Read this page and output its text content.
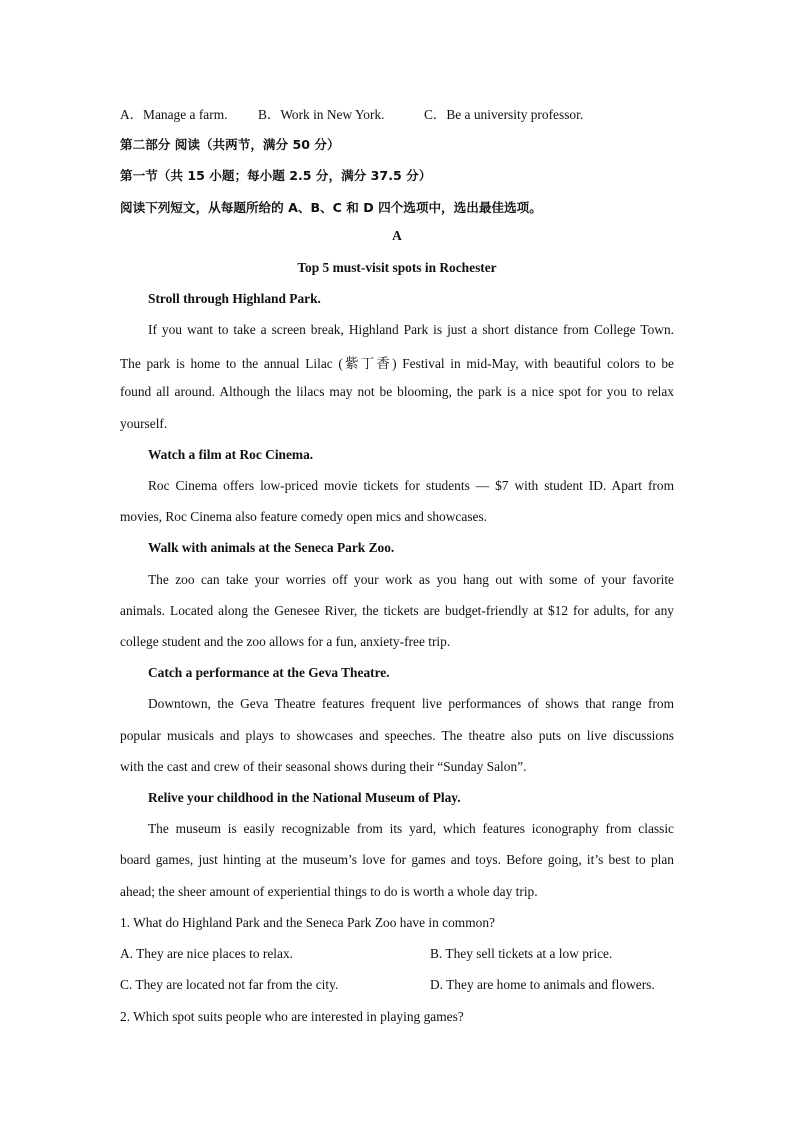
A．Manage a farm. B．Work in New York.	C．Be a university professor.
第二部分 阅读（共两节，满分 50 分）
第一节（共 15 小题；每小题 2.5 分，满分 37.5 分）
阅读下列短文，从每题所给的 A、B、C 和 D 四个选项中，选出最佳选项。
A
Top 5 must-visit spots in Rochester
Stroll through Highland Park.
If you want to take a screen break, Highland Park is just a short distance from College Town.
The park is home to the annual Lilac (紫丁香) Festival in mid-May, with beautiful colors to be
found all around. Although the lilacs may not be blooming, the park is a nice spot for you to relax
yourself.
Watch a film at Roc Cinema.
Roc Cinema offers low-priced movie tickets for students — $7 with student ID. Apart from
movies, Roc Cinema also feature comedy open mics and showcases.
Walk with animals at the Seneca Park Zoo.
The zoo can take your worries off your work as you hang out with some of your favorite
animals. Located along the Genesee River, the tickets are budget-friendly at $12 for adults, for any
college student and the zoo allows for a fun, anxiety-free trip.
Catch a performance at the Geva Theatre.
Downtown, the Geva Theatre features frequent live performances of shows that range from
popular musicals and plays to showcases and speeches. The theatre also puts on live discussions
with the cast and crew of their seasonal shows during their “Sunday Salon”.
Relive your childhood in the National Museum of Play.
The museum is easily recognizable from its yard, which features iconography from classic
board games, just hinting at the museum’s love for games and toys. Before going, it’s best to plan
ahead; the sheer amount of experiential things to do is worth a whole day trip.
1. What do Highland Park and the Seneca Park Zoo have in common?
A. They are nice places to relax.	B. They sell tickets at a low price.
C. They are located not far from the city.	D. They are home to animals and flowers.
2. Which spot suits people who are interested in playing games?
